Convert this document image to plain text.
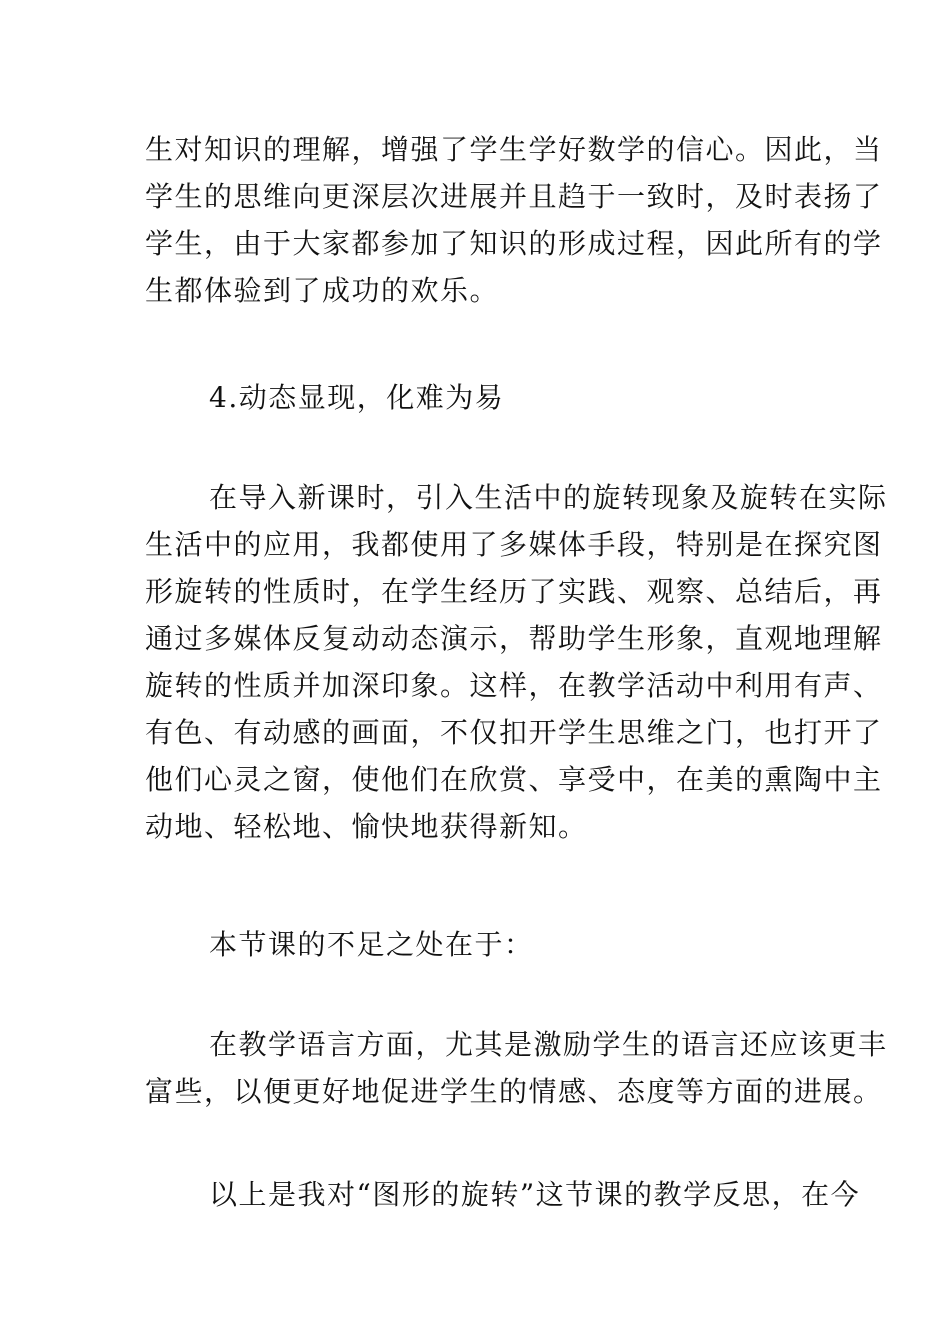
生对知识的理解，增强了学生学好数学的信心。因此，当
学生的思维向更深层次进展并且趋于一致时，及时表扬了
学生，由于大家都参加了知识的形成过程，因此所有的学
生都体验到了成功的欢乐。
4.动态显现，化难为易
在导入新课时，引入生活中的旋转现象及旋转在实际
生活中的应用，我都使用了多媒体手段，特别是在探究图
形旋转的性质时，在学生经历了实践、观察、总结后，再
通过多媒体反复动动态演示，帮助学生形象，直观地理解
旋转的性质并加深印象。这样，在教学活动中利用有声、
有色、有动感的画面，不仅扣开学生思维之门，也打开了
他们心灵之窗，使他们在欣赏、享受中，在美的熏陶中主
动地、轻松地、愉快地获得新知。
本节课的不足之处在于：
在教学语言方面，尤其是激励学生的语言还应该更丰
富些，以便更好地促进学生的情感、态度等方面的进展。
以上是我对“图形的旋转”这节课的教学反思，在今
